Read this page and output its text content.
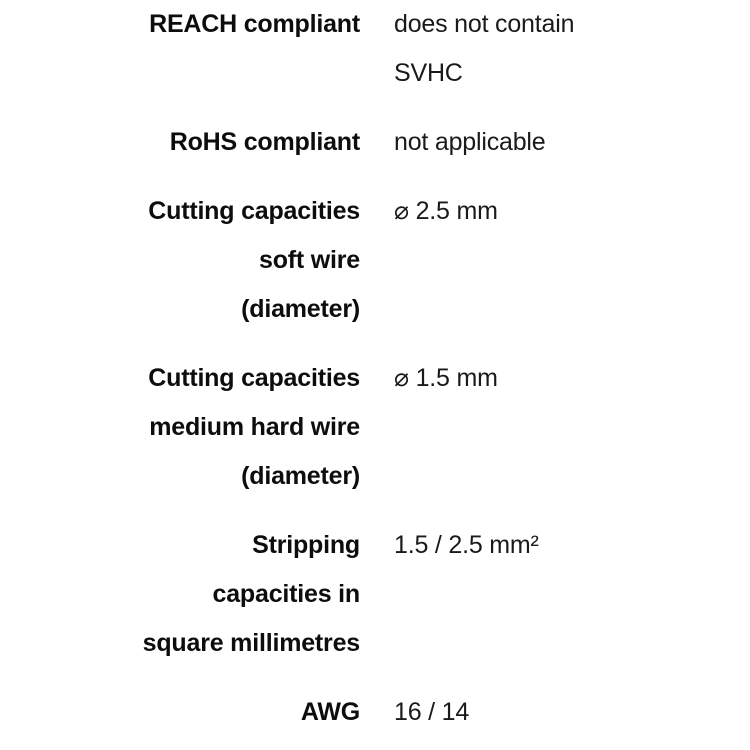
REACH compliant	does not contain
SVHC

RoHS compliant	not applicable

Cutting capacities
soft wire
(diameter)	⌀ 2.5 mm

Cutting capacities
medium hard wire
(diameter)	⌀ 1.5 mm

Stripping
capacities in
square millimetres	1.5 / 2.5 mm²

AWG	16 / 14
